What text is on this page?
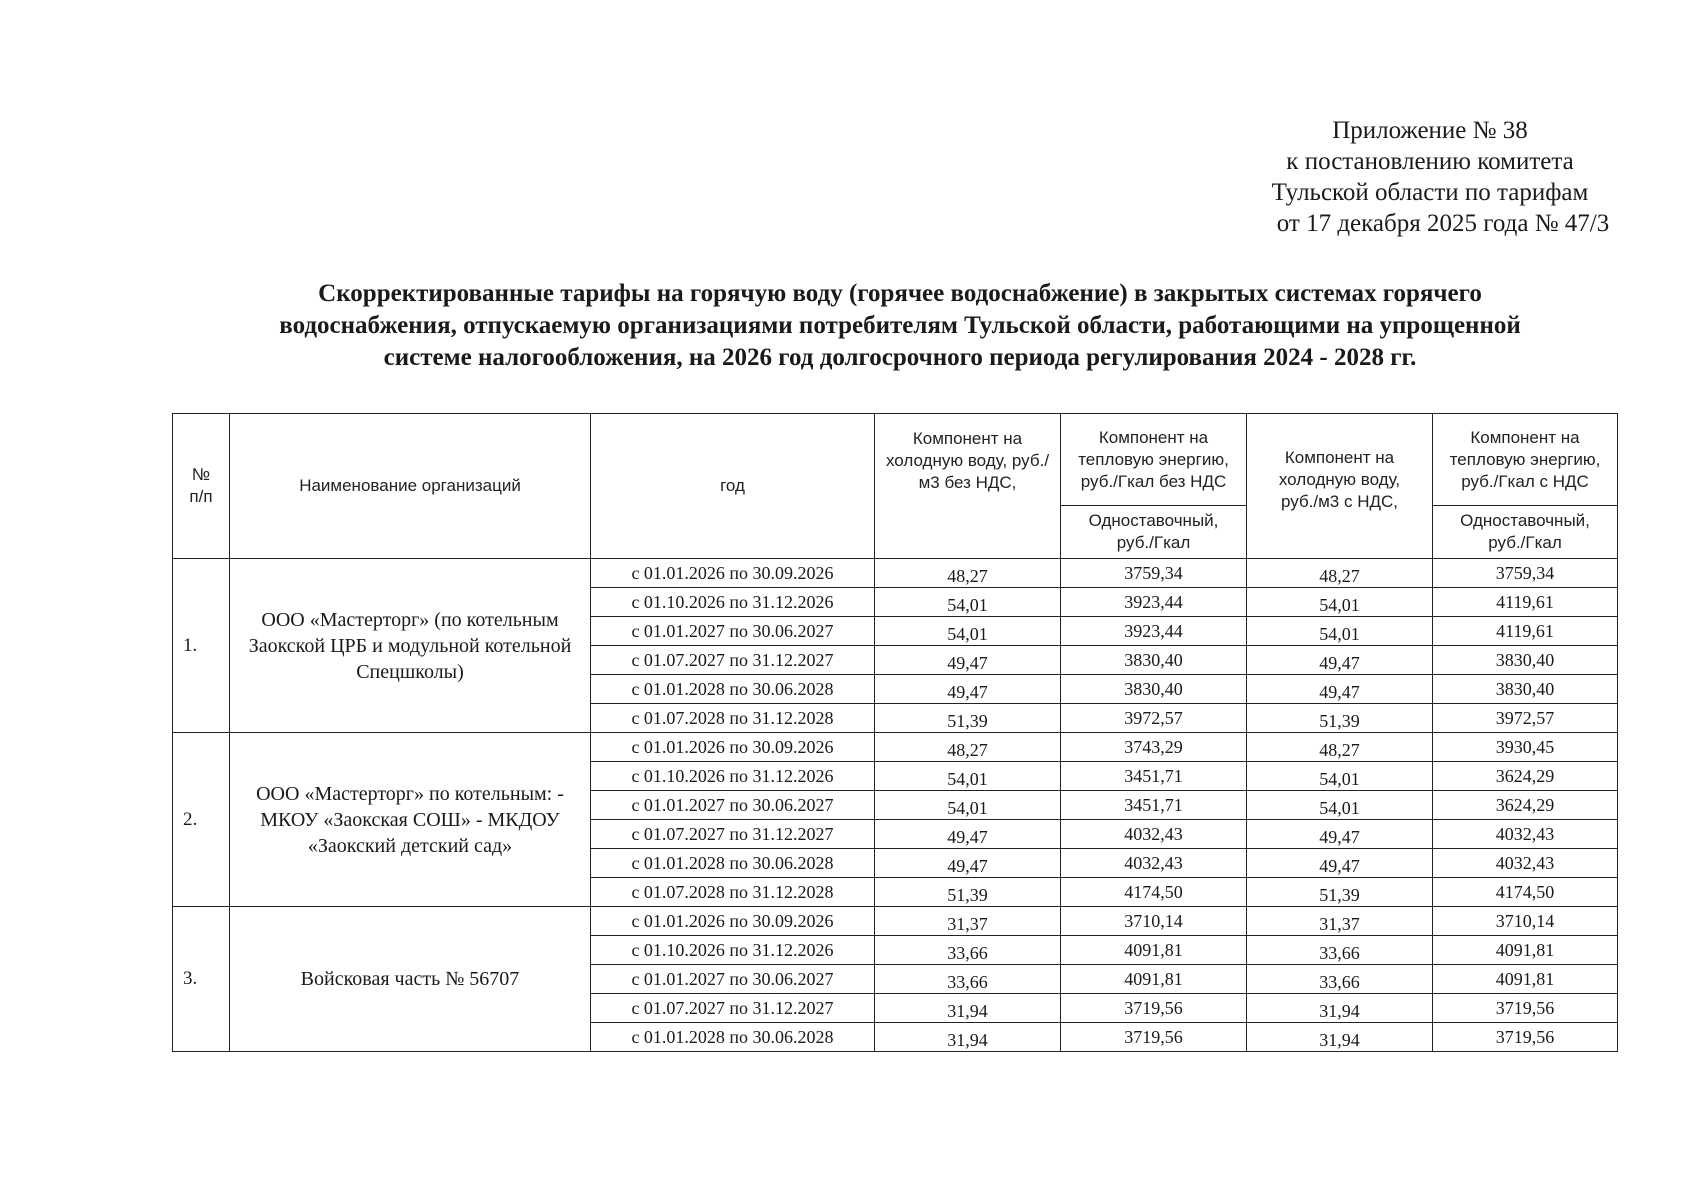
Приложение № 38
к постановлению комитета
Тульской области по тарифам
от 17 декабря 2025 года № 47/3
Скорректированные тарифы на горячую воду (горячее водоснабжение) в закрытых системах горячего
водоснабжения, отпускаемую организациями потребителям Тульской области, работающими на упрощенной
системе налогообложения, на 2026 год долгосрочного периода регулирования 2024 - 2028 гг.
№ п/п	Наименование организаций	год	Компонент на холодную воду, руб./м3 без НДС,	Компонент на тепловую энергию, руб./Гкал без НДС	Компонент на холодную воду, руб./м3 с НДС,	Компонент на тепловую энергию, руб./Гкал с НДС
				Одноставочный, руб./Гкал		Одноставочный, руб./Гкал
1.	ООО «Мастерторг» (по котельным Заокской ЦРБ и модульной котельной Спецшколы)	с 01.01.2026 по 30.09.2026	48,27	3759,34	48,27	3759,34
		с 01.10.2026 по 31.12.2026	54,01	3923,44	54,01	4119,61
		с 01.01.2027 по 30.06.2027	54,01	3923,44	54,01	4119,61
		с 01.07.2027 по 31.12.2027	49,47	3830,40	49,47	3830,40
		с 01.01.2028 по 30.06.2028	49,47	3830,40	49,47	3830,40
		с 01.07.2028 по 31.12.2028	51,39	3972,57	51,39	3972,57
2.	ООО «Мастерторг» по котельным: - МКОУ «Заокская СОШ» - МКДОУ «Заокский детский сад»	с 01.01.2026 по 30.09.2026	48,27	3743,29	48,27	3930,45
		с 01.10.2026 по 31.12.2026	54,01	3451,71	54,01	3624,29
		с 01.01.2027 по 30.06.2027	54,01	3451,71	54,01	3624,29
		с 01.07.2027 по 31.12.2027	49,47	4032,43	49,47	4032,43
		с 01.01.2028 по 30.06.2028	49,47	4032,43	49,47	4032,43
		с 01.07.2028 по 31.12.2028	51,39	4174,50	51,39	4174,50
3.	Войсковая часть № 56707	с 01.01.2026 по 30.09.2026	31,37	3710,14	31,37	3710,14
		с 01.10.2026 по 31.12.2026	33,66	4091,81	33,66	4091,81
		с 01.01.2027 по 30.06.2027	33,66	4091,81	33,66	4091,81
		с 01.07.2027 по 31.12.2027	31,94	3719,56	31,94	3719,56
		с 01.01.2028 по 30.06.2028	31,94	3719,56	31,94	3719,56
